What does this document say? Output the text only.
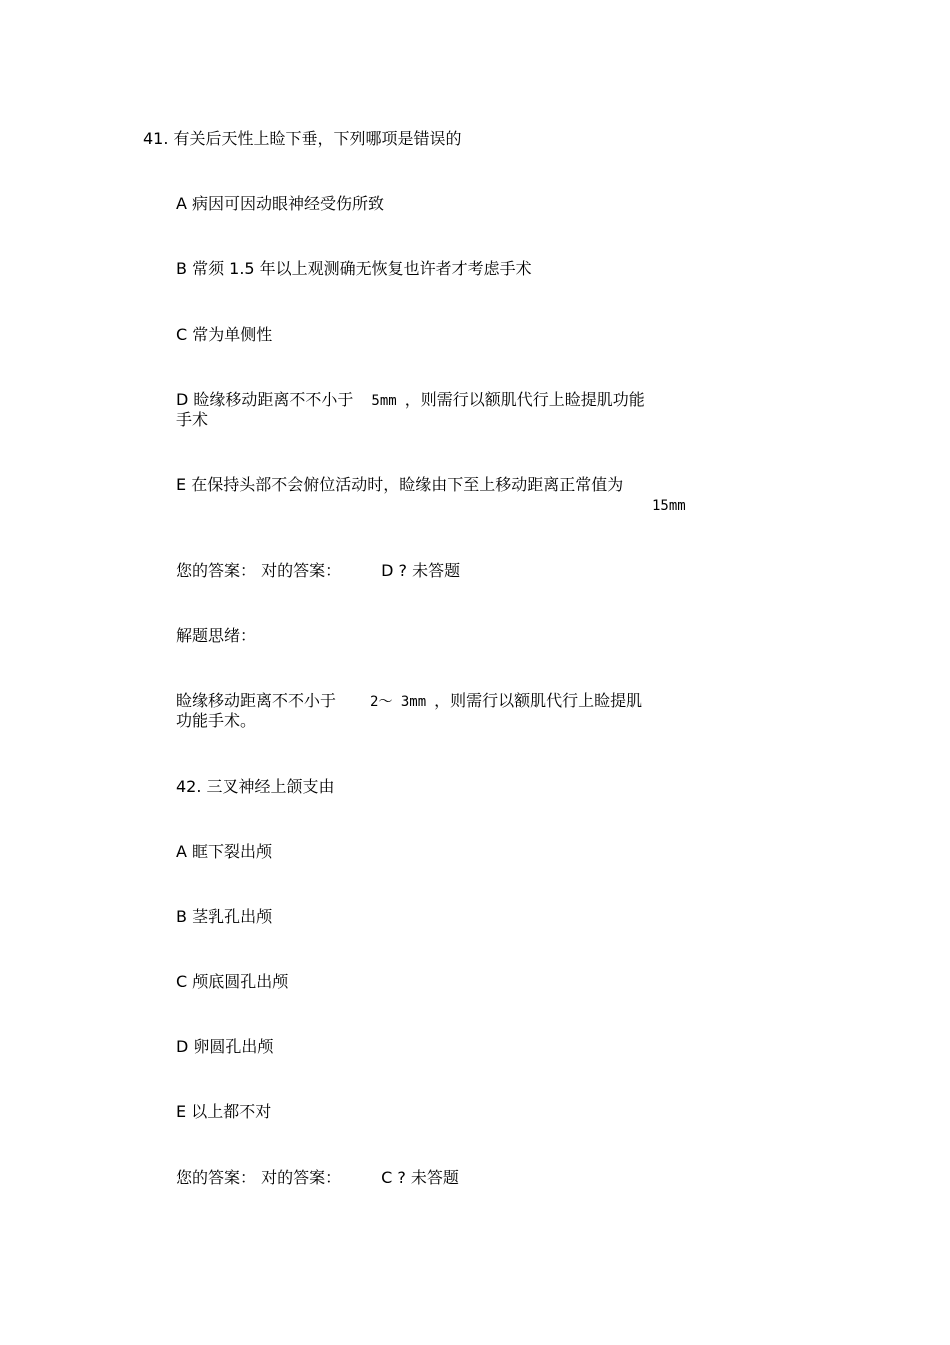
41. 有关后天性上睑下垂，下列哪项是错误的
A 病因可因动眼神经受伤所致
B 常须 1.5 年以上观测确无恢复也许者才考虑手术
C 常为单侧性
D 睑缘移动距离不不小于 5mm ，则需行以额肌代行上睑提肌功能
手术
E 在保持头部不会俯位活动时，睑缘由下至上移动距离正常值为
15mm
您的答案： 对的答案：	D ? 未答题
解题思绪：
睑缘移动距离不不小于 2～ 3mm ，则需行以额肌代行上睑提肌
功能手术。
42. 三叉神经上颌支由
A 眶下裂出颅
B 茎乳孔出颅
C 颅底圆孔出颅
D 卵圆孔出颅
E 以上都不对
您的答案： 对的答案：	C ? 未答题
